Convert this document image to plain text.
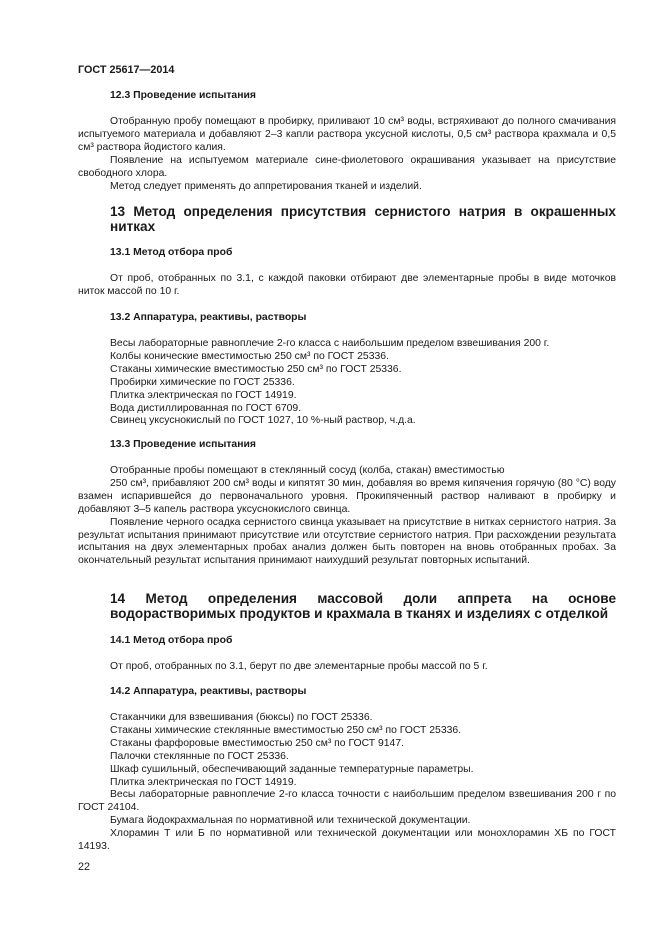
ГОСТ 25617—2014
12.3 Проведение испытания

Отобранную пробу помещают в пробирку, приливают 10 см³ воды, встряхивают до полного смачивания испытуемого материала и добавляют 2–3 капли раствора уксусной кислоты, 0,5 см³ раствора крахмала и 0,5 см³ раствора йодистого калия.

Появление на испытуемом материале сине-фиолетового окрашивания указывает на присутствие свободного хлора.

Метод следует применять до аппретирования тканей и изделий.

13 Метод определения присутствия сернистого натрия в окрашенных нитках
13.1 Метод отбора проб

От проб, отобранных по 3.1, с каждой паковки отбирают две элементарные пробы в виде моточков ниток массой по 10 г.

13.2 Аппаратура, реактивы, растворы

Весы лабораторные равноплечие 2-го класса с наибольшим пределом взвешивания 200 г.

Колбы конические вместимостью 250 см³ по ГОСТ 25336.

Стаканы химические вместимостью 250 см³ по ГОСТ 25336.

Пробирки химические по ГОСТ 25336.

Плитка электрическая по ГОСТ 14919.

Вода дистиллированная по ГОСТ 6709.

Свинец уксуснокислый по ГОСТ 1027, 10 %-ный раствор, ч.д.а.

13.3 Проведение испытания

Отобранные пробы помещают в стеклянный сосуд (колба, стакан) вместимостью

250 см³, прибавляют 200 см³ воды и кипятят 30 мин, добавляя во время кипячения горячую (80 °С) воду взамен испарившейся до первоначального уровня. Прокипяченный раствор наливают в пробирку и добавляют 3–5 капель раствора уксуснокислого свинца.

Появление черного осадка сернистого свинца указывает на присутствие в нитках сернистого натрия. За результат испытания принимают присутствие или отсутствие сернистого натрия. При расхождении результата испытания на двух элементарных пробах анализ должен быть повторен на вновь отобранных пробах. За окончательный результат испытания принимают наихудший результат повторных испытаний.

14 Метод определения массовой доли аппрета на основе водорастворимых продуктов и крахмала в тканях и изделиях с отделкой
14.1 Метод отбора проб

От проб, отобранных по 3.1, берут по две элементарные пробы массой по 5 г.

14.2 Аппаратура, реактивы, растворы

Стаканчики для взвешивания (бюксы) по ГОСТ 25336.

Стаканы химические стеклянные вместимостью 250 см³ по ГОСТ 25336.

Стаканы фарфоровые вместимостью 250 см³ по ГОСТ 9147.

Палочки стеклянные по ГОСТ 25336.

Шкаф сушильный, обеспечивающий заданные температурные параметры.

Плитка электрическая по ГОСТ 14919.

Весы лабораторные равноплечие 2-го класса точности с наибольшим пределом взвешивания 200 г по ГОСТ 24104.

Бумага йодокрахмальная по нормативной или технической документации.

Хлорамин Т или Б по нормативной или технической документации или монохлорамин ХБ по ГОСТ 14193.

22
